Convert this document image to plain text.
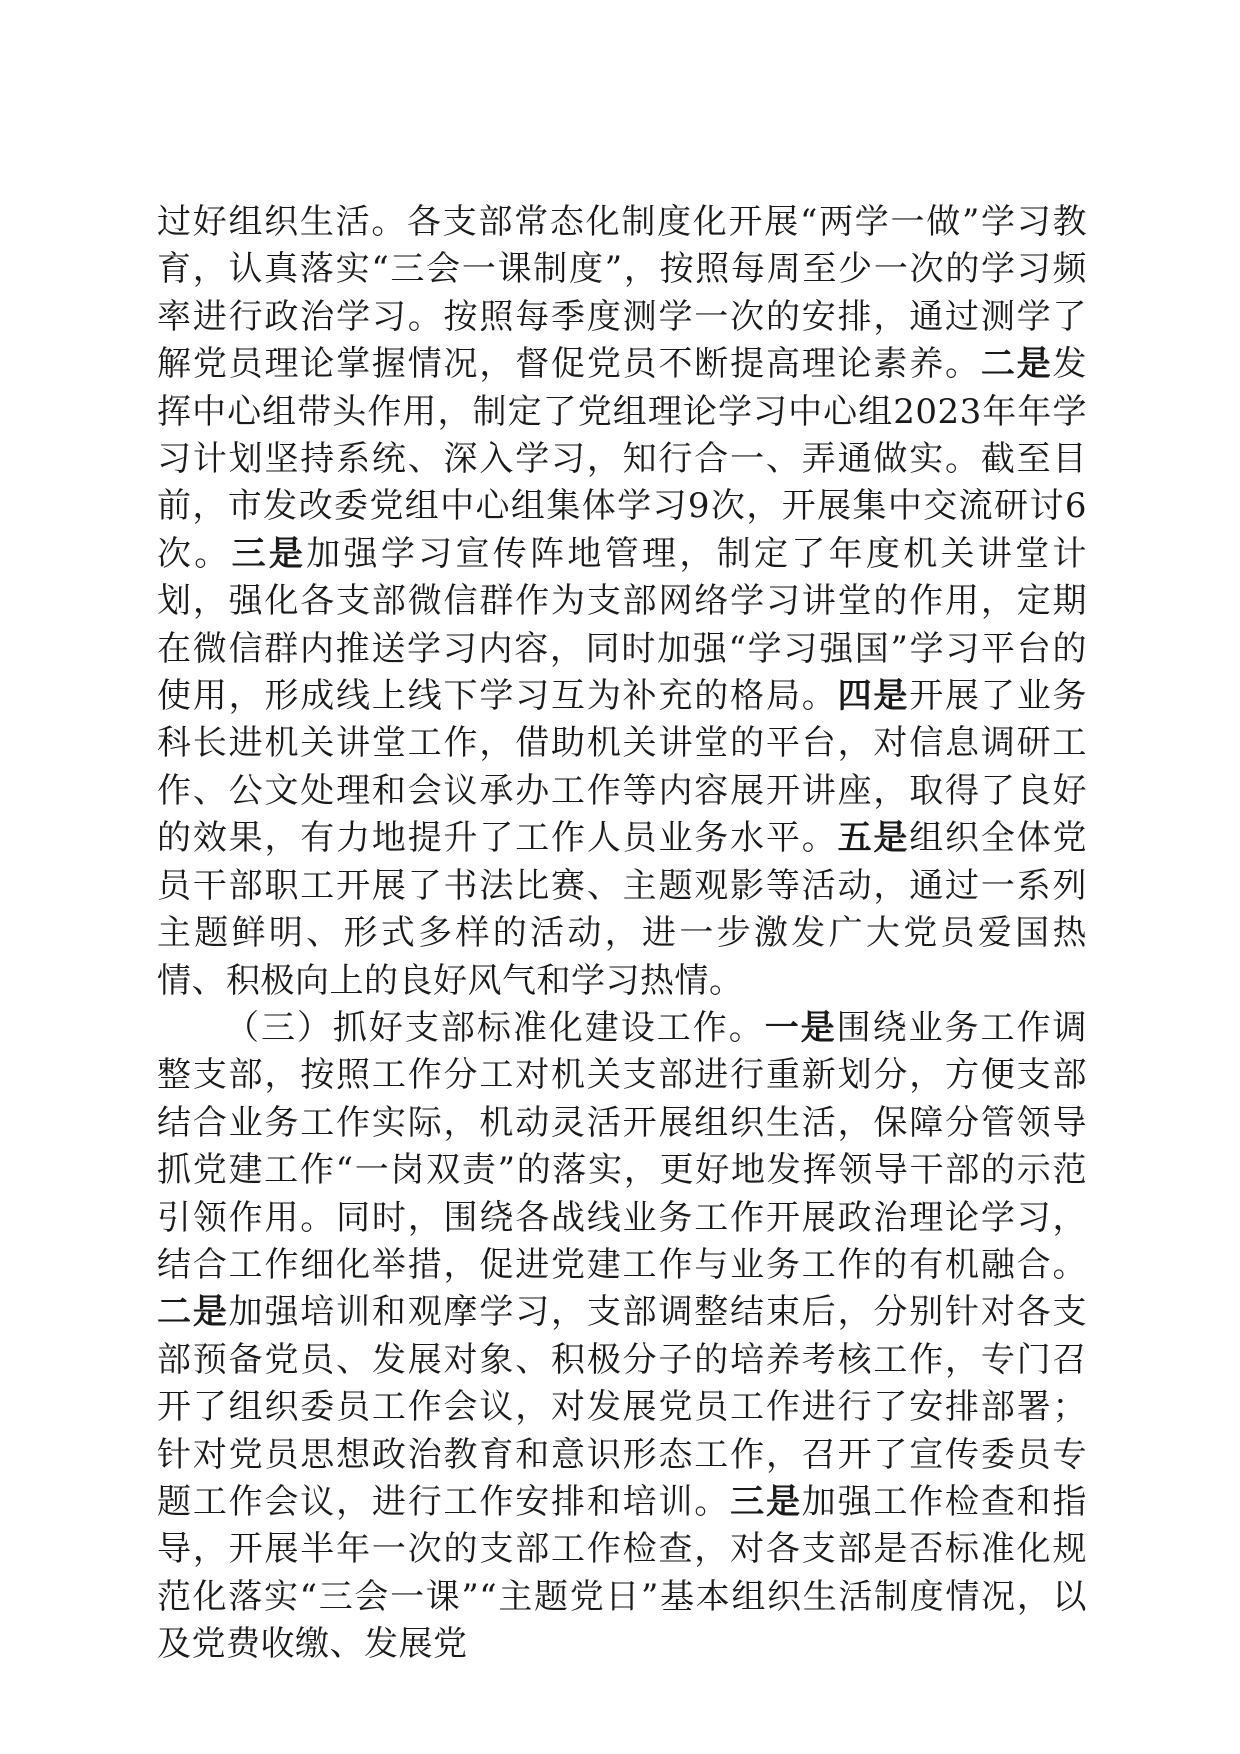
过好组织生活。各支部常态化制度化开展“两学一做”学习教育，认真落实“三会一课制度”，按照每周至少一次的学习频率进行政治学习。按照每季度测学一次的安排，通过测学了解党员理论掌握情况，督促党员不断提高理论素养。二是发挥中心组带头作用，制定了党组理论学习中心组2023年年学习计划坚持系统、深入学习，知行合一、弄通做实。截至目前，市发改委党组中心组集体学习9次，开展集中交流研讨6次。三是加强学习宣传阵地管理，制定了年度机关讲堂计划，强化各支部微信群作为支部网络学习讲堂的作用，定期在微信群内推送学习内容，同时加强“学习强国”学习平台的使用，形成线上线下学习互为补充的格局。四是开展了业务科长进机关讲堂工作，借助机关讲堂的平台，对信息调研工作、公文处理和会议承办工作等内容展开讲座，取得了良好的效果，有力地提升了工作人员业务水平。五是组织全体党员干部职工开展了书法比赛、主题观影等活动，通过一系列主题鲜明、形式多样的活动，进一步激发广大党员爱国热情、积极向上的良好风气和学习热情。

（三）抓好支部标准化建设工作。一是围绕业务工作调整支部，按照工作分工对机关支部进行重新划分，方便支部结合业务工作实际，机动灵活开展组织生活，保障分管领导抓党建工作“一岗双责”的落实，更好地发挥领导干部的示范引领作用。同时，围绕各战线业务工作开展政治理论学习，结合工作细化举措，促进党建工作与业务工作的有机融合。二是加强培训和观摩学习，支部调整结束后，分别针对各支部预备党员、发展对象、积极分子的培养考核工作，专门召开了组织委员工作会议，对发展党员工作进行了安排部署；针对党员思想政治教育和意识形态工作，召开了宣传委员专题工作会议，进行工作安排和培训。三是加强工作检查和指导，开展半年一次的支部工作检查，对各支部是否标准化规范化落实“三会一课”“主题党日”基本组织生活制度情况，以及党费收缴、发展党
